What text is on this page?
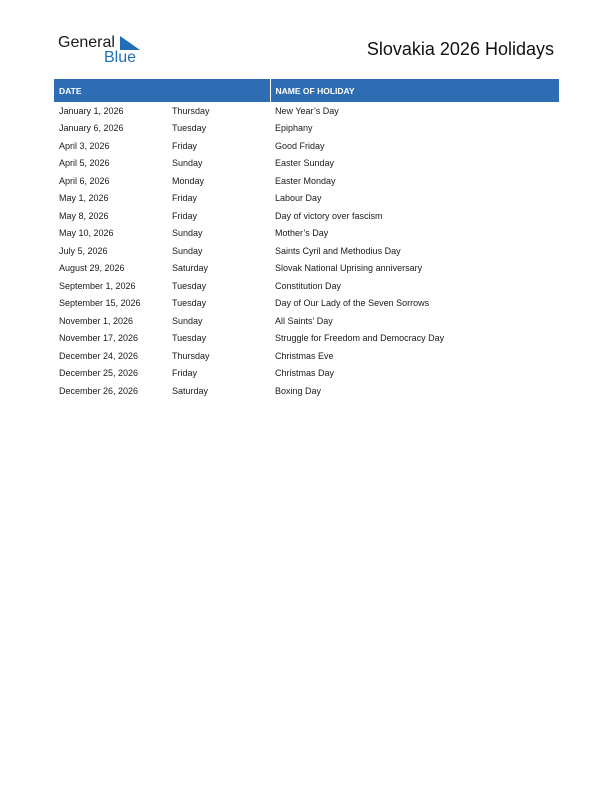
General
Blue	Slovakia 2026 Holidays
DATE		NAME OF HOLIDAY
January 1, 2026	Thursday	New Year’s Day
January 6, 2026	Tuesday	Epiphany
April 3, 2026	Friday	Good Friday
April 5, 2026	Sunday	Easter Sunday
April 6, 2026	Monday	Easter Monday
May 1, 2026	Friday	Labour Day
May 8, 2026	Friday	Day of victory over fascism
May 10, 2026	Sunday	Mother’s Day
July 5, 2026	Sunday	Saints Cyril and Methodius Day
August 29, 2026	Saturday	Slovak National Uprising anniversary
September 1, 2026	Tuesday	Constitution Day
September 15, 2026	Tuesday	Day of Our Lady of the Seven Sorrows
November 1, 2026	Sunday	All Saints’ Day
November 17, 2026	Tuesday	Struggle for Freedom and Democracy Day
December 24, 2026	Thursday	Christmas Eve
December 25, 2026	Friday	Christmas Day
December 26, 2026	Saturday	Boxing Day
